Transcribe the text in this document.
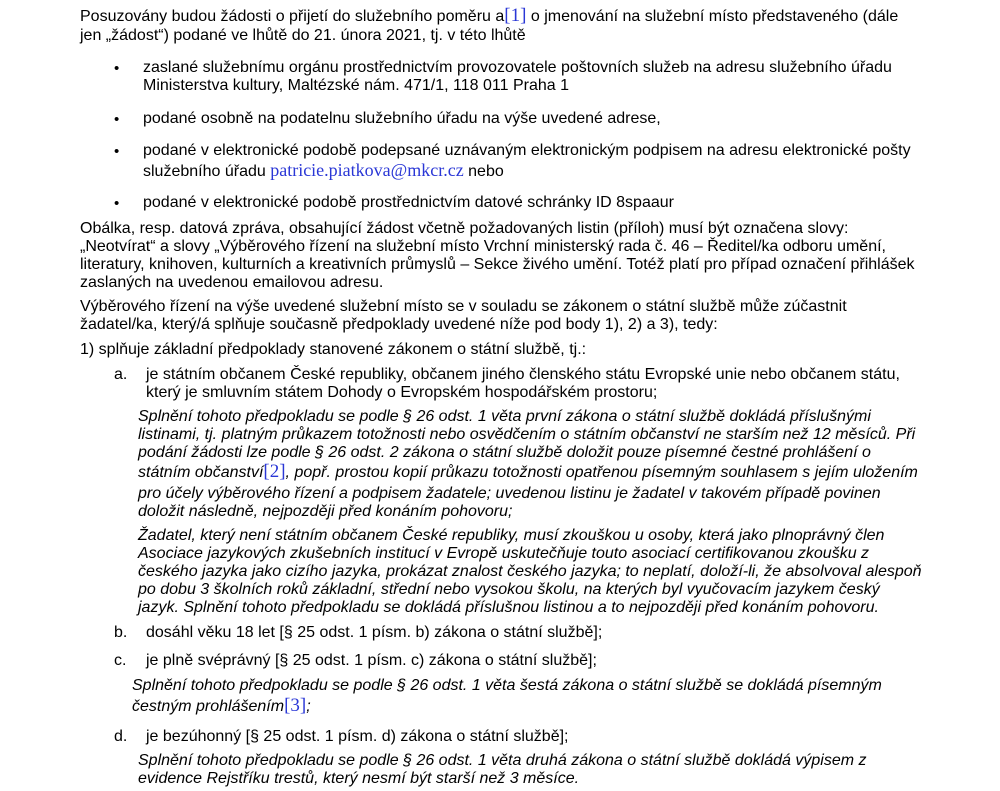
Posuzovány budou žádosti o přijetí do služebního poměru a[1] o jmenování na služební místo představeného (dále

jen „žádost“) podané ve lhůtě do 21. února 2021, tj. v této lhůtě

• zaslané služebnímu orgánu prostřednictvím provozovatele poštovních služeb na adresu služebního úřadu

Ministerstva kultury, Maltézské nám. 471/1, 118 011 Praha 1

• podané osobně na podatelnu služebního úřadu na výše uvedené adrese,

• podané v elektronické podobě podepsané uznávaným elektronickým podpisem na adresu elektronické pošty

služebního úřadu patricie.piatkova@mkcr.cz nebo

• podané v elektronické podobě prostřednictvím datové schránky ID 8spaaur

Obálka, resp. datová zpráva, obsahující žádost včetně požadovaných listin (příloh) musí být označena slovy:

„Neotvírat“ a slovy „Výběrového řízení na služební místo Vrchní ministerský rada č. 46 – Ředitel/ka odboru umění,

literatury, knihoven, kulturních a kreativních průmyslů – Sekce živého umění. Totéž platí pro případ označení přihlášek

zaslaných na uvedenou emailovou adresu.

Výběrového řízení na výše uvedené služební místo se v souladu se zákonem o státní službě může zúčastnit

žadatel/ka, který/á splňuje současně předpoklady uvedené níže pod body 1), 2) a 3), tedy:

1) splňuje základní předpoklady stanovené zákonem o státní službě, tj.:

a. je státním občanem České republiky, občanem jiného členského státu Evropské unie nebo občanem státu,

který je smluvním státem Dohody o Evropském hospodářském prostoru;

Splnění tohoto předpokladu se podle § 26 odst. 1 věta první zákona o státní službě dokládá příslušnými

listinami, tj. platným průkazem totožnosti nebo osvědčením o státním občanství ne starším než 12 měsíců. Při

podání žádosti lze podle § 26 odst. 2 zákona o státní službě doložit pouze písemné čestné prohlášení o

státním občanství[2], popř. prostou kopií průkazu totožnosti opatřenou písemným souhlasem s jejím uložením

pro účely výběrového řízení a podpisem žadatele; uvedenou listinu je žadatel v takovém případě povinen

doložit následně, nejpozději před konáním pohovoru;

Žadatel, který není státním občanem České republiky, musí zkouškou u osoby, která jako plnoprávný člen

Asociace jazykových zkušebních institucí v Evropě uskutečňuje touto asociací certifikovanou zkoušku z

českého jazyka jako cizího jazyka, prokázat znalost českého jazyka; to neplatí, doloží-li, že absolvoval alespoň

po dobu 3 školních roků základní, střední nebo vysokou školu, na kterých byl vyučovacím jazykem český

jazyk. Splnění tohoto předpokladu se dokládá příslušnou listinou a to nejpozději před konáním pohovoru.

b. dosáhl věku 18 let [§ 25 odst. 1 písm. b) zákona o státní službě];

c. je plně svéprávný [§ 25 odst. 1 písm. c) zákona o státní službě];

Splnění tohoto předpokladu se podle § 26 odst. 1 věta šestá zákona o státní službě se dokládá písemným

čestným prohlášením[3];

d. je bezúhonný [§ 25 odst. 1 písm. d) zákona o státní službě];

Splnění tohoto předpokladu se podle § 26 odst. 1 věta druhá zákona o státní službě dokládá výpisem z

evidence Rejstříku trestů, který nesmí být starší než 3 měsíce.
